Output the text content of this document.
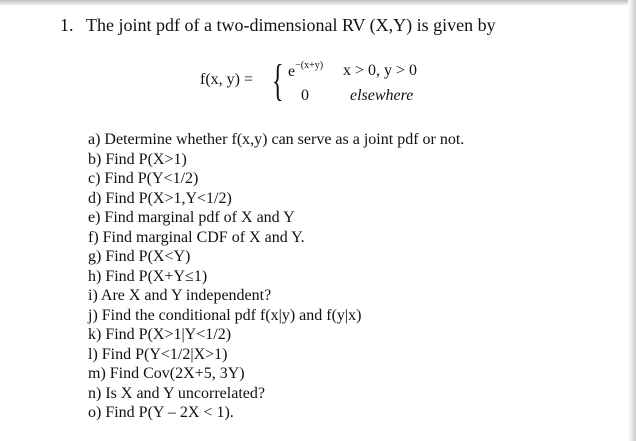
1. The joint pdf of a two-dimensional RV (X,Y) is given by
f(x, y) = { $e^{-(x+y)}$ x > 0, y > 0
0	elsewhere
a) Determine whether f(x,y) can serve as a joint pdf or not.
b) Find P(X>1)
c) Find P(Y<1/2)
d) Find P(X>1,Y<1/2)
e) Find marginal pdf of X and Y
f) Find marginal CDF of X and Y.
g) Find P(X<Y)
h) Find P(X+Y≤1)
i) Are X and Y independent?
j) Find the conditional pdf f(x|y) and f(y|x)
k) Find P(X>1|Y<1/2)
l) Find P(Y<1/2|X>1)
m) Find Cov(2X+5, 3Y)
n) Is X and Y uncorrelated?
o) Find P(Y – 2X < 1).
